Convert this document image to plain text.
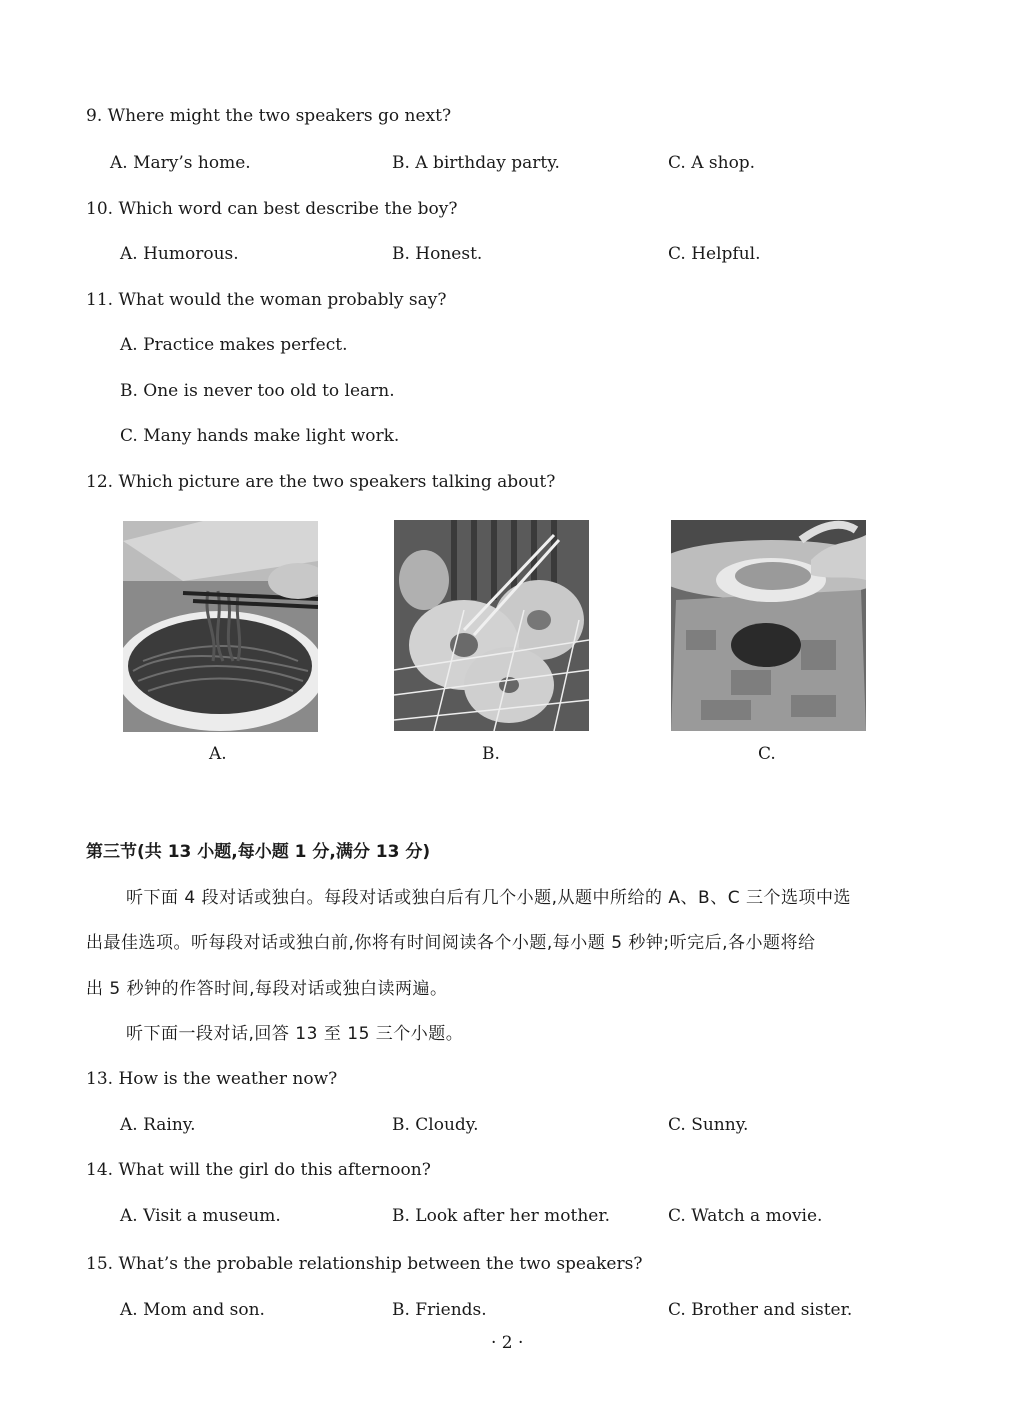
9. Where might the two speakers go next?
A. Mary’s home.	B. A birthday party.	C. A shop.
10. Which word can best describe the boy?
A. Humorous.	B. Honest.	C. Helpful.
11. What would the woman probably say?
A. Practice makes perfect.
B. One is never too old to learn.
C. Many hands make light work.
12. Which picture are the two speakers talking about?
A.	B.	C.
第三节(共 13 小题,每小题 1 分,满分 13 分)
听下面 4 段对话或独白。每段对话或独白后有几个小题,从题中所给的 A、B、C 三个选项中选
出最佳选项。听每段对话或独白前,你将有时间阅读各个小题,每小题 5 秒钟;听完后,各小题将给
出 5 秒钟的作答时间,每段对话或独白读两遍。
听下面一段对话,回答 13 至 15 三个小题。
13. How is the weather now?
A. Rainy.	B. Cloudy.	C. Sunny.
14. What will the girl do this afternoon?
A. Visit a museum.	B. Look after her mother.	C. Watch a movie.
15. What’s the probable relationship between the two speakers?
A. Mom and son.	B. Friends.	C. Brother and sister.
· 2 ·
